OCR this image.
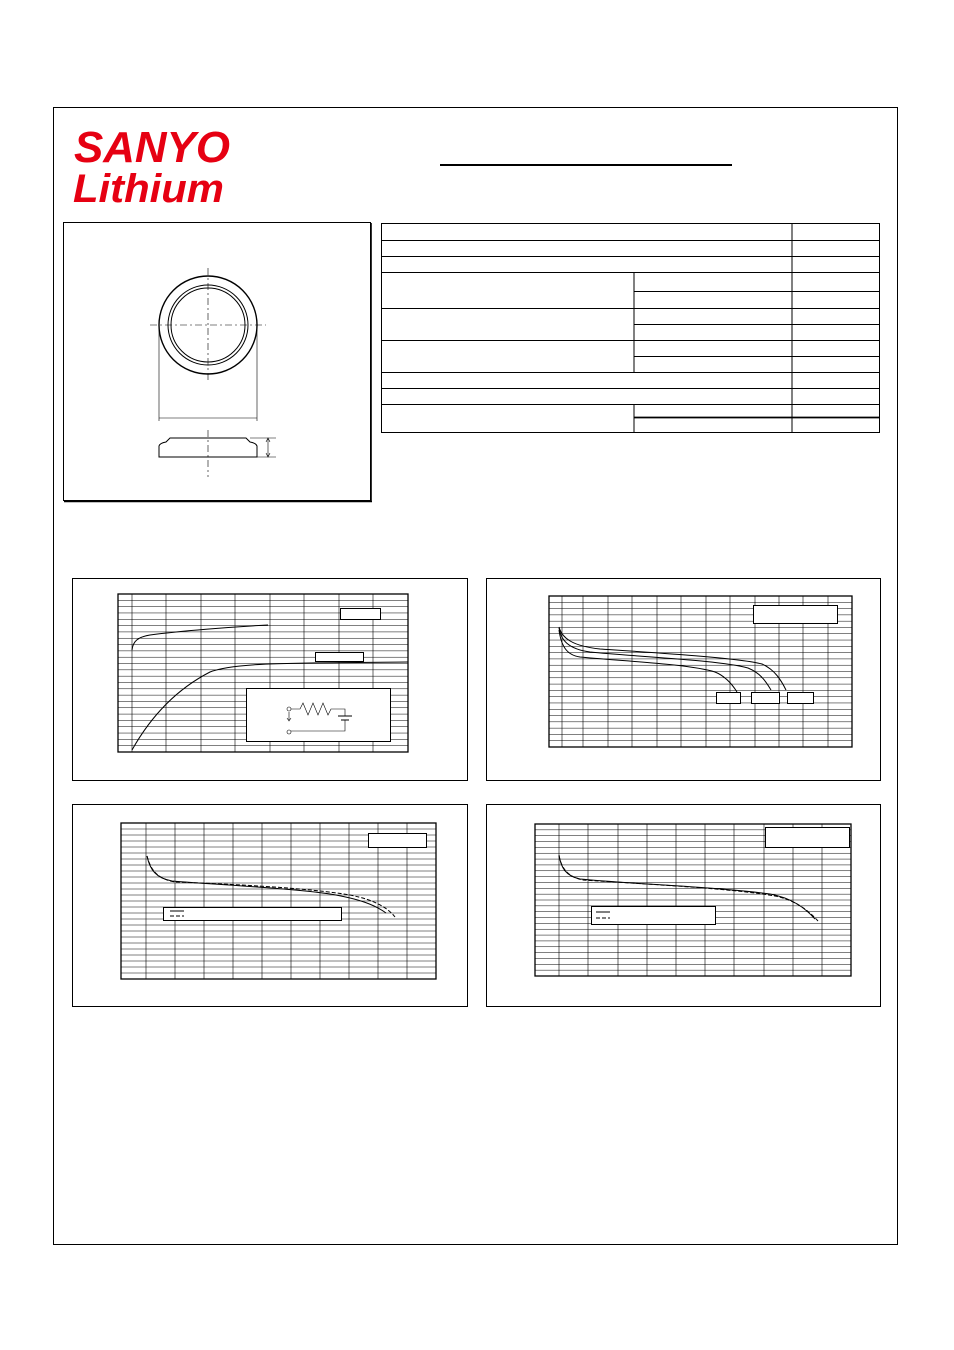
SANYO
Lithium
